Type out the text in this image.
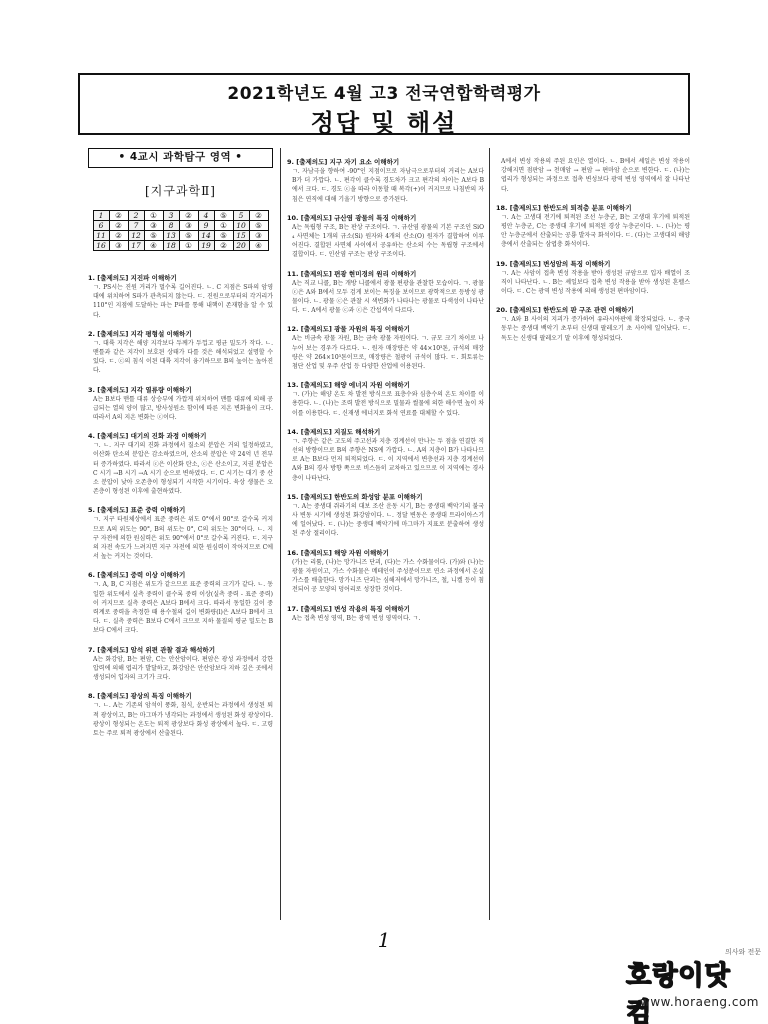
2021학년도 4월 고3 전국연합학력평가
정답 및 해설
• 4교시 과학탐구 영역 •
[지구과학Ⅱ]
1	②	2	①	3	②	4	⑤	5	②
6	②	7	③	8	③	9	①	10	⑤
11	②	12	⑤	13	⑤	14	⑤	15	③
16	③	17	④	18	①	19	②	20	④
1. [출제의도] 지진파 이해하기
ㄱ. PS시는 진원 거리가 멀수록 길어진다. ㄴ. C 지점은 S파의 암영대에 위치하여 S파가 관측되지 않는다. ㄷ. 진원으로부터의 각거리가 110°인 지점에 도달하는 파는 P파를 통해 내핵이 존재함을 알 수 있다.
2. [출제의도] 지각 평형설 이해하기
ㄱ. 대륙 지각은 해양 지각보다 두께가 두껍고 평균 밀도가 작다. ㄴ. 맨틀과 같은 지각이 보호된 상태가 다를 것은 해석되었고 설명할 수 있다. ㄷ. ⓒ의 침식 이된 대륙 지각이 융기하므로 B의 높이는 높아진다.
3. [출제의도] 지각 열류량 이해하기
A는 B보다 맨틀 대류 상승부에 가깝게 위치하여 맨틀 대류에 의해 공급되는 열의 양이 많고, 방사성원소 함이에 따른 지온 변화율이 크다. 따라서 A의 지온 변화는 ⓒ이다.
4. [출제의도] 대기의 진화 과정 이해하기
ㄱ. ㄴ. 지구 대기의 진화 과정에서 질소의 분압은 거의 일정하였고, 이산화 탄소의 분압은 감소하였으며, 산소의 분압은 약 24억 년 전부터 증가하였다. 따라서 ⓒ은 이산화 탄소, ⓒ은 산소이고, 지권 분압은 C 시기 →B 시기 →A 시기 순으로 변하였다. ㄷ. C 시기는 대기 중 산소 분압이 낮아 오존층이 형성되기 시작한 시기이다. 육상 생물은 오존층이 형성된 이후에 출현하였다.
5. [출제의도] 표준 중력 이해하기
ㄱ. 지구 타원체상에서 표준 중력은 위도 0°에서 90°로 갈수록 커지므로 A의 위도는 90°, B의 위도는 0°, C의 위도는 30°이다. ㄴ. 지구 자전에 의한 원심력은 위도 90°에서 0°로 갈수록 커진다. ㄷ. 지구의 자전 속도가 느려지면 지구 자전에 의한 원심력이 작아지므로 C에서 높는 커지는 것이다.
6. [출제의도] 중력 이상 이해하기
ㄱ. A, B, C 지점은 위도가 같으므로 표준 중력의 크기가 같다. ㄴ. 동일한 위도에서 실측 중력이 클수록 중력 이상(실측 중력 - 표준 중력)이 커지므로 실측 중력은 A보다 B에서 크다. 따라서 동일한 깊이 중력계로 중력을 측정한 때 용수철의 길이 변화량(l)은 A보다 B에서 크다. ㄷ. 실측 중력은 B보다 C에서 크므로 지하 물질의 평균 밀도는 B보다 C에서 크다.
7. [출제의도] 암석 위편 관찰 결과 해석하기
A는 화강암, B는 편암, C는 안산암이다. 편암은 광성 과정에서 강한 압력에 의해 엽리가 발달하고, 화강암은 안산암보다 지하 깊은 곳에서 생성되어 입자의 크기가 크다.
8. [출제의도] 광상의 특징 이해하기
ㄱ. ㄴ. A는 기존의 암석이 풍화, 침식, 운반되는 과정에서 생성된 퇴적 광상이고, B는 마그마가 냉각되는 과정에서 생성된 화성 광상이다. 광상이 형성되는 온도는 퇴적 광상보다 화성 광상에서 높다. ㄷ. 고령토는 주로 퇴적 광상에서 산출된다.
9. [출제의도] 지구 자기 요소 이해하기
ㄱ. 자남극을 향하여 -90°인 지점이므로 자남극으로부터의 거리는 A보다 B가 더 가깝다. ㄴ. 편각이 클수록 경도차가 크고 편각의 차이는 A보다 B에서 크다. ㄷ. 경도 ⓒ을 따라 이동할 때 복각(+)이 커지므로 나침반의 자침은 연직에 대해 기울기 방향으로 증가된다.
10. [출제의도] 규산염 광물의 특징 이해하기
A는 독립형 구조, B는 판상 구조이다. ㄱ. 규산염 광물의 기본 구조인 SiO₄ 사면체는 1개의 규소(Si) 원자와 4개의 산소(O) 원자가 결합하여 이루어진다. 결합된 사면체 사이에서 공유하는 산소의 수는 독립형 구조에서 결합이다. ㄷ. 인산염 구조는 판상 구조이다.
11. [출제의도] 편광 현미경의 원리 이해하기
A는 직교 니콜, B는 개방 니콜에서 광물 편광을 관찰한 모습이다. ㄱ. 광물 ⓒ은 A와 B에서 모두 검게 보이는 특징을 보이므로 광학적으로 등방성 광물이다. ㄴ. 광물 ⓒ은 관찰 시 색변화가 나타나는 광물로 다색성이 나타난다. ㄷ. A에서 광물 ⓒ과 ⓒ은 간섭색이 다르다.
12. [출제의도] 광물 자원의 특징 이해하기
A는 비금속 광물 자원, B는 금속 광물 자원이다. ㄱ. 규모 크기 차이로 나누어 보는 경우가 다르다. ㄴ. 원자 매장량은 약 44×10³톤, 규석의 매장량은 약 264×10³톤이므로, 매장량은 철광이 규석이 많다. ㄷ. 회토류는 첨단 산업 및 우주 산업 등 다양한 산업에 이용된다.
13. [출제의도] 해양 에너지 자원 이해하기
ㄱ. (가)는 해양 온도 차 발전 방식으로 표층수와 심층수의 온도 차이를 이용한다. ㄴ. (나)는 조력 발전 방식으로 밀물과 썰물에 의한 해수면 높이 차이를 이용한다. ㄷ. 신재생 에너지로 화석 연료를 대체할 수 있다.
14. [출제의도] 지질도 해석하기
ㄱ. 주향은 같은 고도의 주고선과 지층 경계선이 만나는 두 점을 연결한 직선의 방향이므로 B의 주향은 NS에 가깝다. ㄴ. A의 지층이 B가 나타나므로 A는 B보다 먼저 퇴적되었다. ㄷ. 이 지역에서 변층선과 지층 경계선이 A와 B의 경사 방향 쪽으로 비스듬히 교차하고 있으므로 이 지역에는 경사층이 나타난다.
15. [출제의도] 한반도의 화성암 분포 이해하기
ㄱ. A는 중생대 쥐라기의 대보 조산 운동 시기, B는 중생대 백악기의 불국사 변동 시기에 생성된 화강암이다. ㄴ. 정달 변동은 중생대 트라이아스기에 일어났다. ㄷ. (나)는 중생대 백악기에 마그마가 지표로 분출하여 생성된 주상 절리이다.
16. [출제의도] 해양 자원 이해하기
(가)는 리튬, (나)는 망가니즈 단괴, (다)는 가스 수화물이다. (가)와 (나)는 광물 자원이고, 가스 수화물은 메테인이 주성분이므로 연소 과정에서 온실 가스를 배출한다. 망가니즈 단괴는 심해저에서 망가니즈, 철, 니켈 등이 침전되어 공 모양의 덩어리로 성장한 것이다.
17. [출제의도] 변성 작용의 특징 이해하기
A는 접촉 변성 영역, B는 광역 변성 영역이다. ㄱ.
A에서 변성 작용의 주된 요인은 열이다. ㄴ. B에서 셰일은 변성 작용이 강해지면 점판암 → 천매암 → 편암 → 편마암 순으로 변한다. ㄷ. (나)는 엽리가 형성되는 과정으로 접촉 변성보다 광역 변성 영역에서 잘 나타난다.
18. [출제의도] 한반도의 퇴적층 분포 이해하기
ㄱ. A는 고생대 전기에 퇴적된 조선 누층군, B는 고생대 후기에 퇴적된 평안 누층군, C는 중생대 후기에 퇴적된 경상 누층군이다. ㄴ. (나)는 평안 누층군에서 산출되는 공룡 발자국 화석이다. ㄷ. (다)는 고생대의 해양층에서 산출되는 삼엽충 화석이다.
19. [출제의도] 변성암의 특징 이해하기
ㄱ. A는 사암이 접촉 변성 작용을 받아 생성된 규암으로 입자 배열이 조직이 나타난다. ㄴ. B는 셰일보다 접촉 변성 작용을 받아 생성된 혼펠스이다. ㄷ. C는 광역 변성 작용에 의해 생성된 편마암이다.
20. [출제의도] 한반도의 판 구조 관련 이해하기
ㄱ. A와 B 사이의 지괴가 증가하여 유라시아판에 확장되었다. ㄴ. 중국 동부는 중생대 백악기 초부터 신생대 팔레오기 초 사이에 일어났다. ㄷ. 독도는 신생대 팔레오기 말 이후에 형성되었다.
1	의사와 전문
호랑이닷컴
www.horaeng.com
